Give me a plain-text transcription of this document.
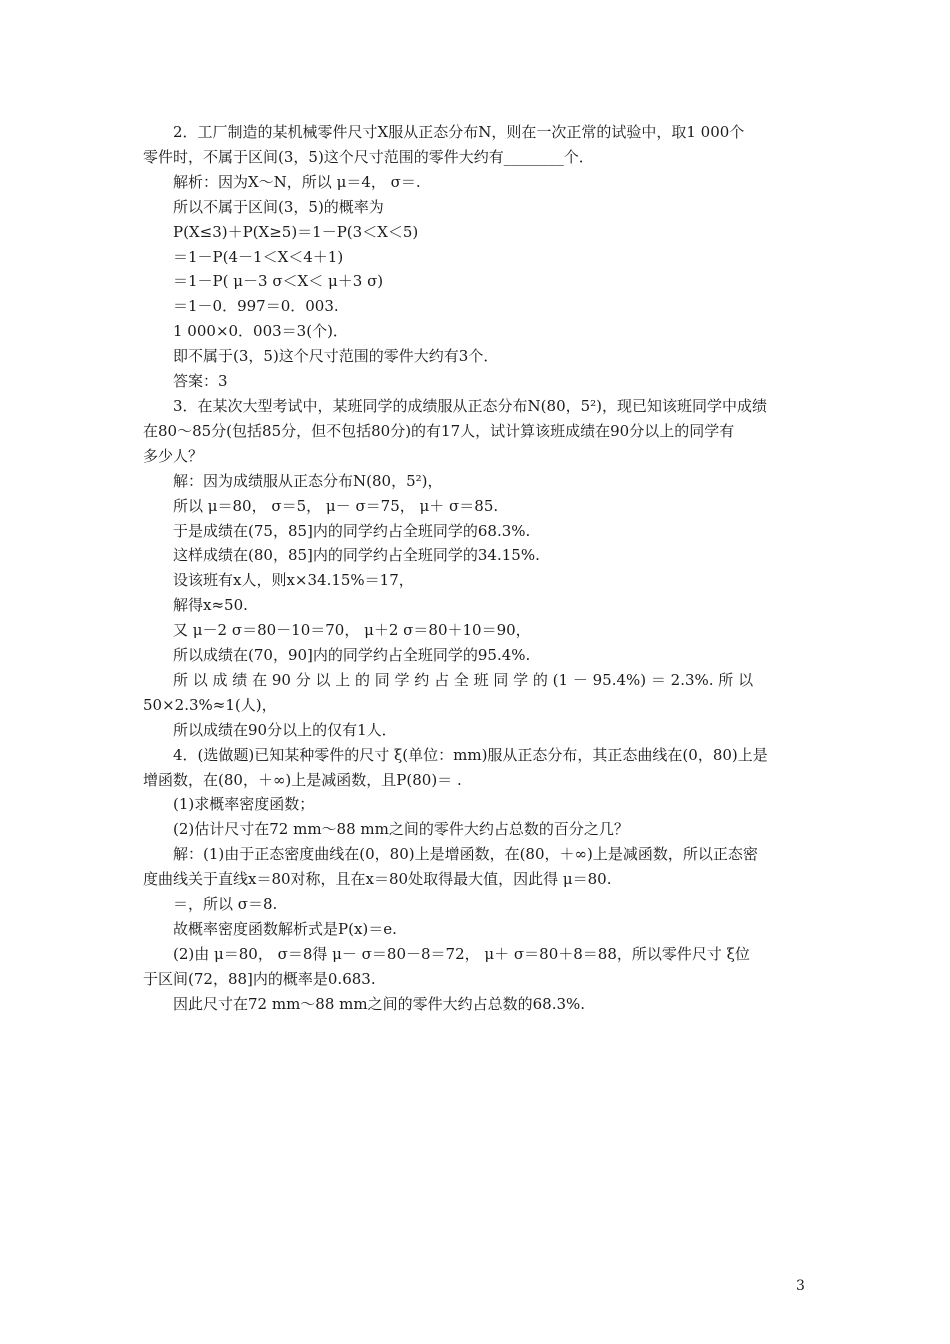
2．工厂制造的某机械零件尺寸X服从正态分布N，则在一次正常的试验中，取1 000个
零件时，不属于区间(3，5)这个尺寸范围的零件大约有________个．
解析：因为X～N，所以 μ＝4， σ＝.
所以不属于区间(3，5)的概率为
P(X≤3)＋P(X≥5)＝1－P(3＜X＜5)
＝1－P(4－1＜X＜4＋1)
＝1－P( μ－3 σ＜X＜ μ＋3 σ)
＝1－0．997＝0．003.
1 000×0．003＝3(个)．
即不属于(3，5)这个尺寸范围的零件大约有3个．
答案：3
3．在某次大型考试中，某班同学的成绩服从正态分布N(80，5²)，现已知该班同学中成绩
在80～85分(包括85分，但不包括80分)的有17人，试计算该班成绩在90分以上的同学有
多少人？
解：因为成绩服从正态分布N(80，5²)，
所以 μ＝80， σ＝5， μ－ σ＝75， μ＋ σ＝85.
于是成绩在(75，85]内的同学约占全班同学的68.3%.
这样成绩在(80，85]内的同学约占全班同学的34.15%.
设该班有x人，则x×34.15%＝17，
解得x≈50.
又 μ－2 σ＝80－10＝70， μ＋2 σ＝80＋10＝90，
所以成绩在(70，90]内的同学约占全班同学的95.4%.
所 以 成 绩 在 90 分 以 上 的 同 学 约 占 全 班 同 学 的 (1 － 95.4%) ＝ 2.3%. 所 以
50×2.3%≈1(人)，
所以成绩在90分以上的仅有1人．
4．(选做题)已知某种零件的尺寸 ξ(单位：mm)服从正态分布，其正态曲线在(0，80)上是
增函数，在(80，＋∞)上是减函数，且P(80)＝ .
(1)求概率密度函数；
(2)估计尺寸在72 mm～88 mm之间的零件大约占总数的百分之几？
解：(1)由于正态密度曲线在(0，80)上是增函数，在(80，＋∞)上是减函数，所以正态密
度曲线关于直线x＝80对称，且在x＝80处取得最大值，因此得 μ＝80.
＝，所以 σ＝8.
故概率密度函数解析式是P(x)＝e.
(2)由 μ＝80， σ＝8得 μ－ σ＝80－8＝72， μ＋ σ＝80＋8＝88，所以零件尺寸 ξ位
于区间(72，88]内的概率是0.683.
因此尺寸在72 mm～88 mm之间的零件大约占总数的68.3%.
3
